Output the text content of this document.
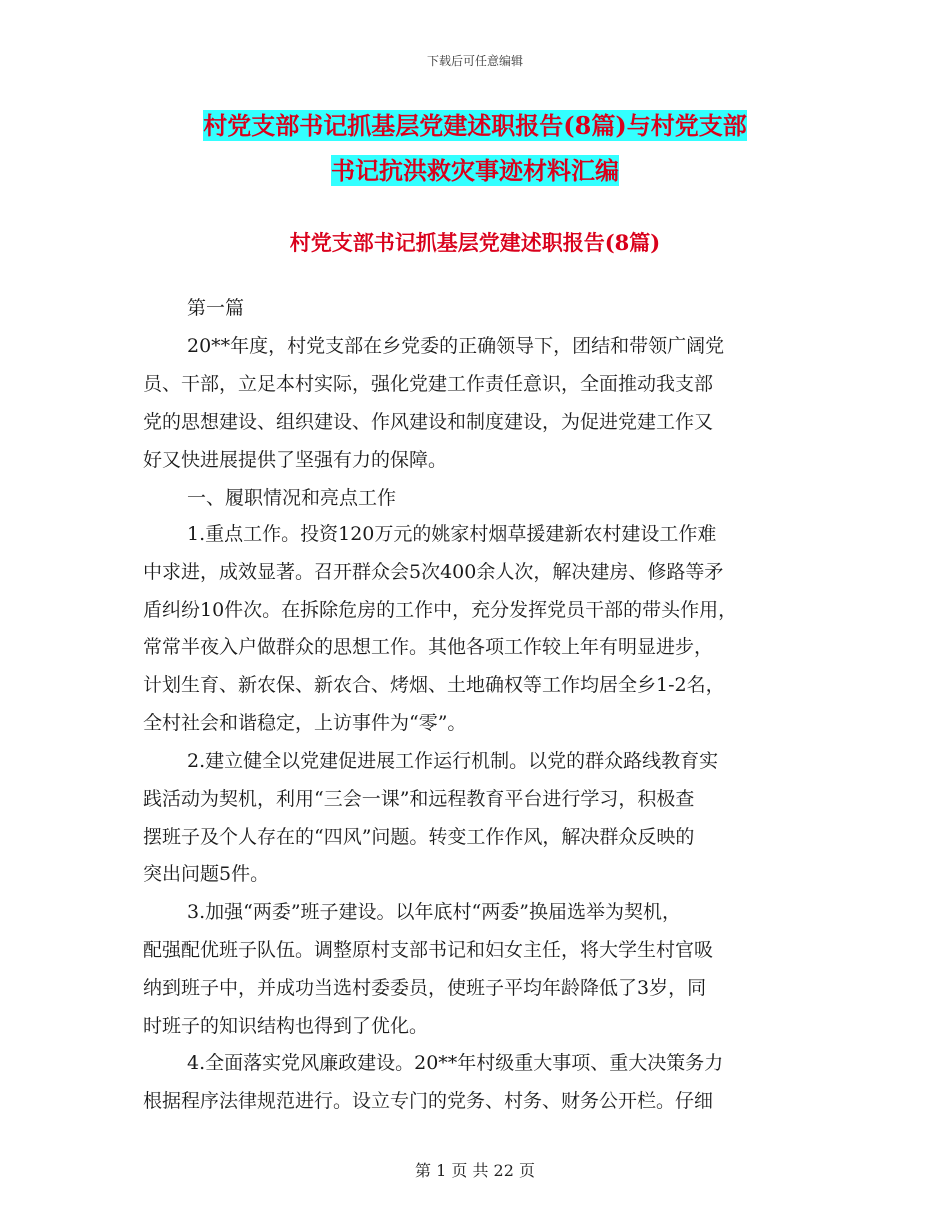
下载后可任意编辑
村党支部书记抓基层党建述职报告(8篇)与村党支部
书记抗洪救灾事迹材料汇编
村党支部书记抓基层党建述职报告(8篇)
第一篇
20**年度，村党支部在乡党委的正确领导下，团结和带领广阔党
员、干部，立足本村实际，强化党建工作责任意识，全面推动我支部
党的思想建设、组织建设、作风建设和制度建设，为促进党建工作又
好又快进展提供了坚强有力的保障。
一、履职情况和亮点工作
1.重点工作。投资120万元的姚家村烟草援建新农村建设工作难
中求进，成效显著。召开群众会5次400余人次，解决建房、修路等矛
盾纠纷10件次。在拆除危房的工作中，充分发挥党员干部的带头作用，
常常半夜入户做群众的思想工作。其他各项工作较上年有明显进步，
计划生育、新农保、新农合、烤烟、土地确权等工作均居全乡1-2名，
全村社会和谐稳定，上访事件为“零”。
2.建立健全以党建促进展工作运行机制。以党的群众路线教育实
践活动为契机，利用“三会一课”和远程教育平台进行学习，积极查
摆班子及个人存在的“四风”问题。转变工作作风，解决群众反映的
突出问题5件。
3.加强“两委”班子建设。以年底村“两委”换届选举为契机，
配强配优班子队伍。调整原村支部书记和妇女主任，将大学生村官吸
纳到班子中，并成功当选村委委员，使班子平均年龄降低了3岁，同
时班子的知识结构也得到了优化。
4.全面落实党风廉政建设。20**年村级重大事项、重大决策务力
根据程序法律规范进行。设立专门的党务、村务、财务公开栏。仔细
第 1 页 共 22 页
